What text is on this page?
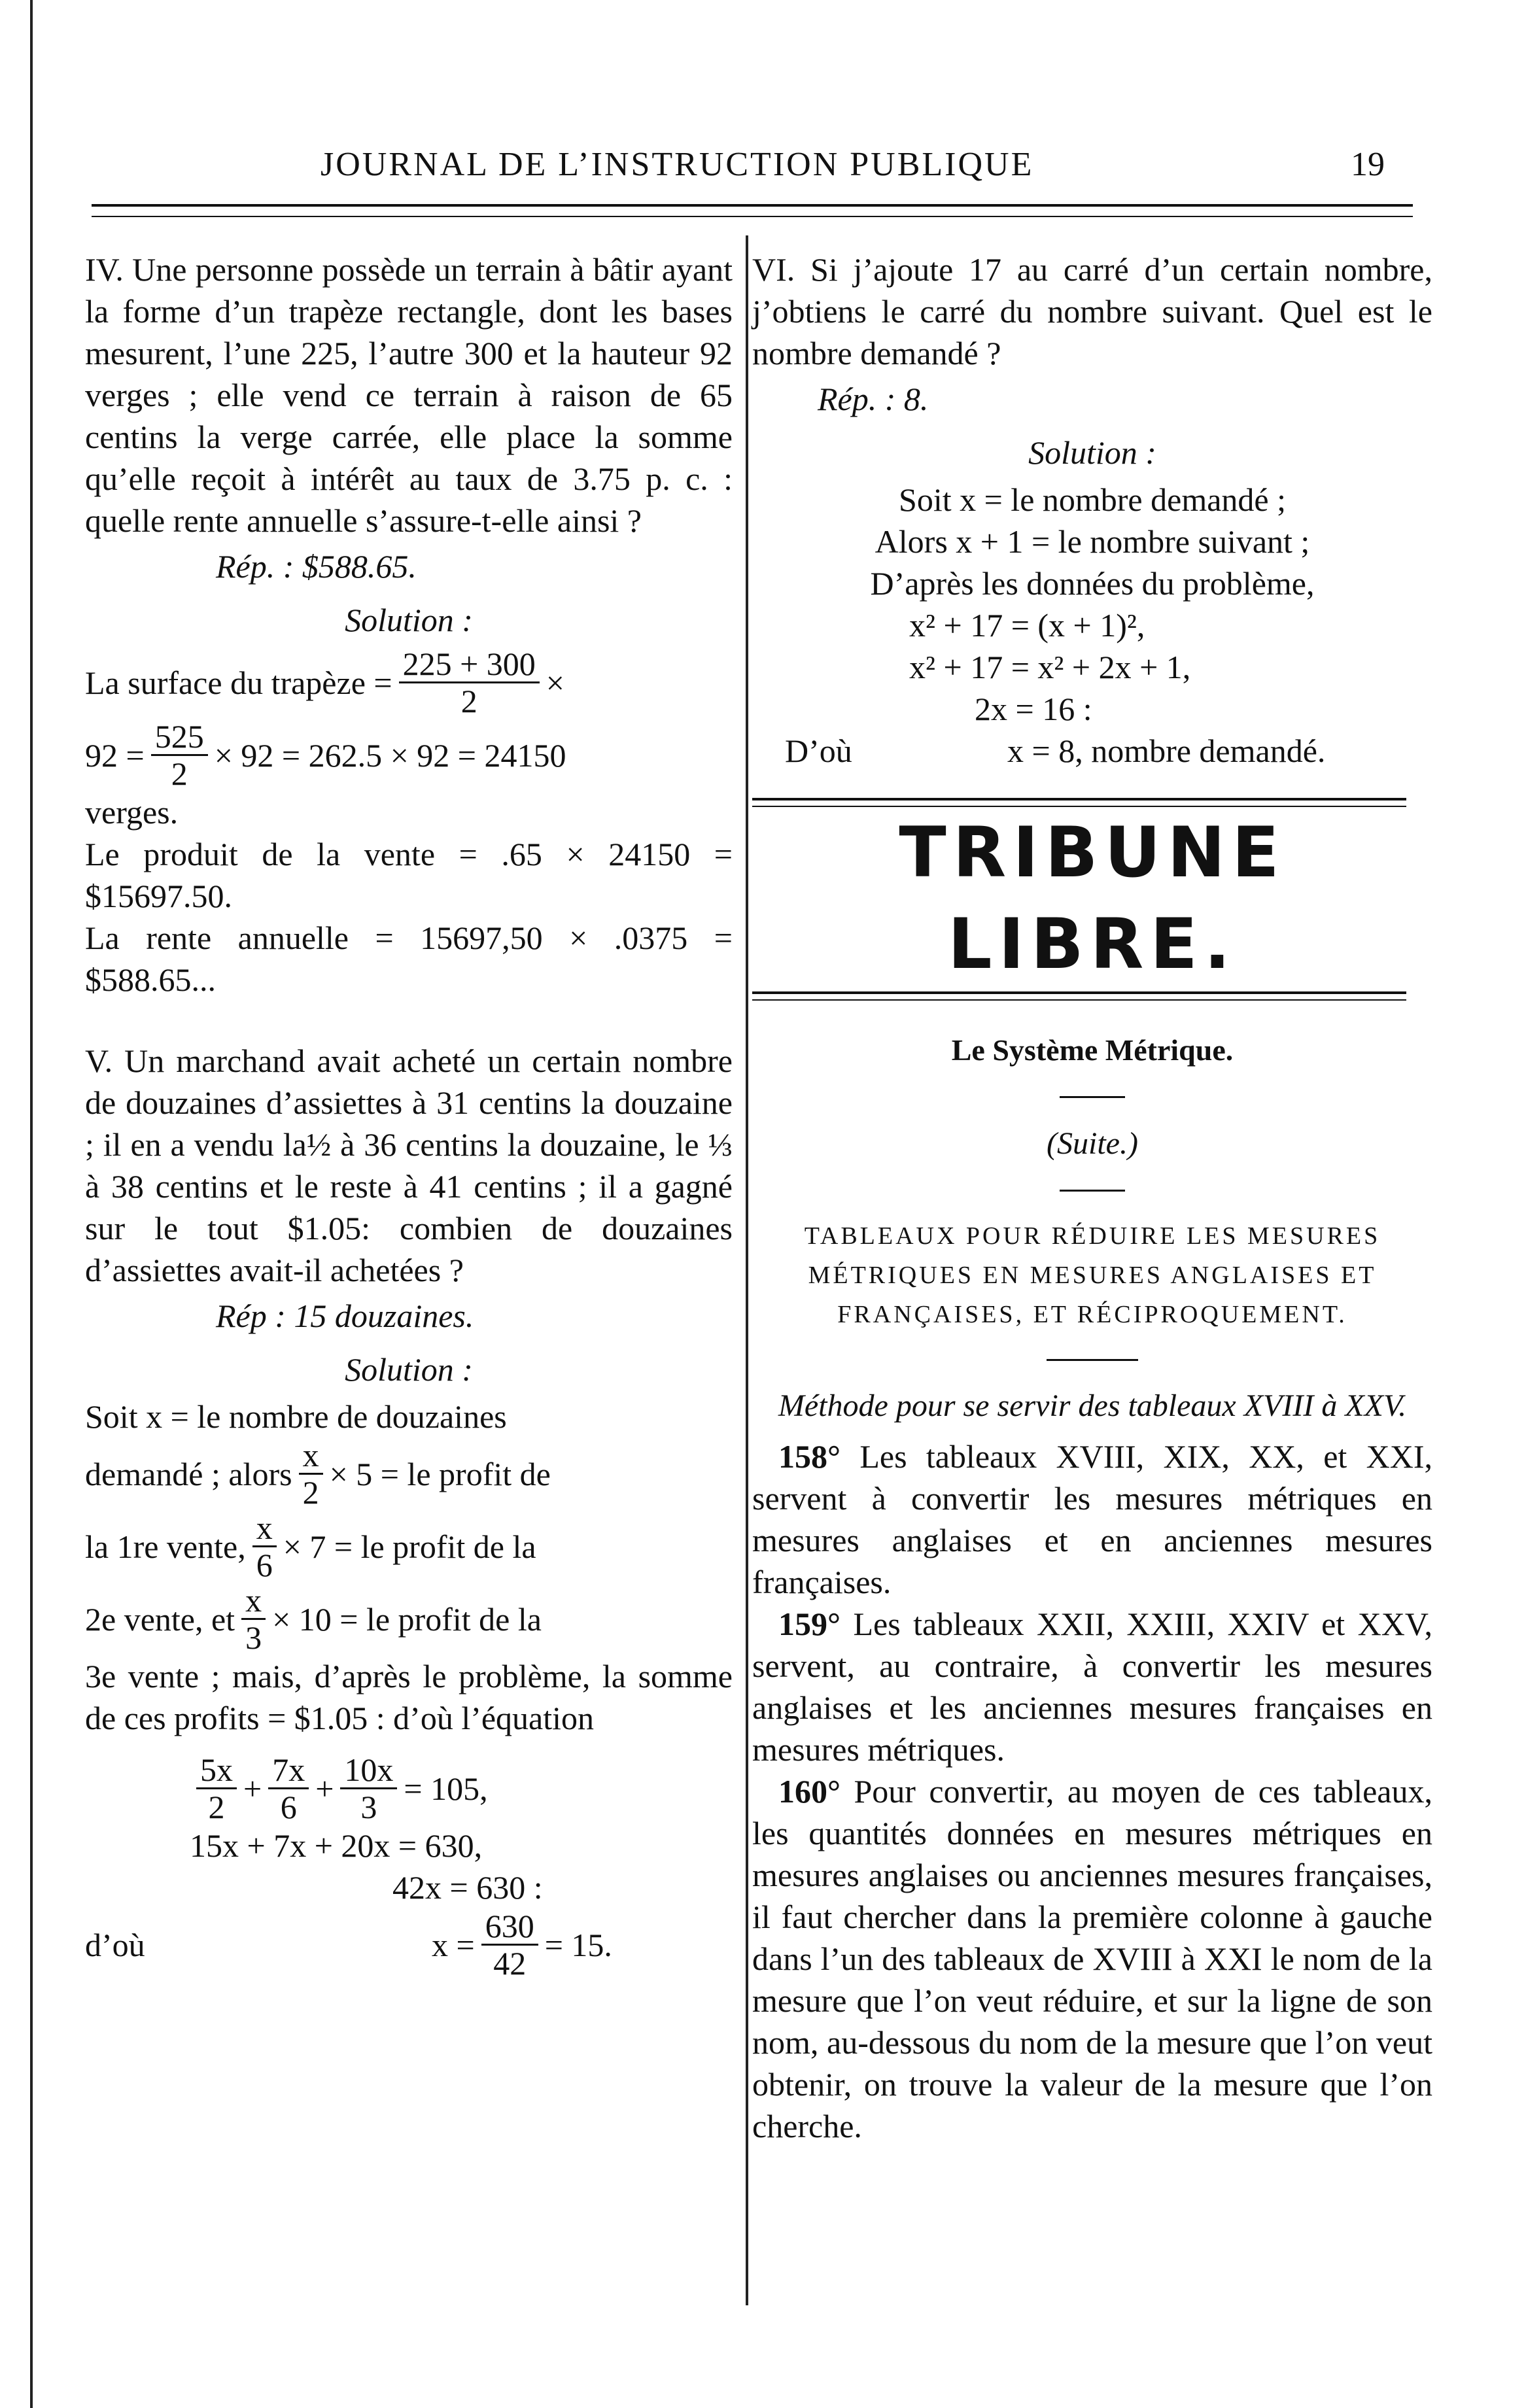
JOURNAL DE L’INSTRUCTION PUBLIQUE	19

IV. Une personne possède un terrain à bâtir ayant la forme d’un trapèze rectangle, dont les bases mesurent, l’une 225, l’autre 300 et la hauteur 92 verges ; elle vend ce terrain à raison de 65 centins la verge carrée, elle place la somme qu’elle reçoit à intérêt au taux de 3.75 p. c. : quelle rente annuelle s’assure-t-elle ainsi ?

Rép. : $588.65.

Solution :

La surface du trapèze = $\frac{225 + 300}{2}$ ×
$92 = \frac{525}{2} \times 92 = 262.5 \times 92 = 24150$

verges.

Le produit de la vente = .65 × 24150 = $15697.50.

La rente annuelle = 15697,50 × .0375 = $588.65...

V. Un marchand avait acheté un certain nombre de douzaines d’assiettes à 31 centins la douzaine ; il en a vendu la½ à 36 centins la douzaine, le ⅓ à 38 centins et le reste à 41 centins ; il a gagné sur le tout $1.05: combien de douzaines d’assiettes avait-il achetées ?

Rép : 15 douzaines.

Solution :

Soit x = le nombre de douzaines

demandé ; alors $\frac{x}{2} \times 5$ = le profit de
la 1re vente, $\frac{x}{6} \times 7$ = le profit de la
2e vente, et $\frac{x}{3} \times 10$ = le profit de la

3e vente ; mais, d’après le problème, la somme de ces profits = $1.05 : d’où l’équation

$\frac{5x}{2} + \frac{7x}{6} + \frac{10x}{3} = 105$,

15x + 7x + 20x = 630,

42x = 630 :

d’où	$x = \frac{630}{42} = 15$.

VI. Si j’ajoute 17 au carré d’un certain nombre, j’obtiens le carré du nombre suivant. Quel est le nombre demandé ?

Rép. : 8.

Solution :

Soit x = le nombre demandé ;

Alors x + 1 = le nombre suivant ;

D’après les données du problème,

x² + 17 = (x + 1)²,

x² + 17 = x² + 2x + 1,

2x = 16 :

D’où	x = 8, nombre demandé.
TRIBUNE LIBRE.

Le Système Métrique.

(Suite.)

TABLEAUX POUR RÉDUIRE LES MESURES MÉTRIQUES EN MESURES ANGLAISES ET FRANÇAISES, ET RÉCIPROQUEMENT.

Méthode pour se servir des tableaux XVIII à XXV.

158° Les tableaux XVIII, XIX, XX, et XXI, servent à convertir les mesures métriques en mesures anglaises et en anciennes mesures françaises.

159° Les tableaux XXII, XXIII, XXIV et XXV, servent, au contraire, à convertir les mesures anglaises et les anciennes mesures françaises en mesures métriques.

160° Pour convertir, au moyen de ces tableaux, les quantités données en mesures métriques en mesures anglaises ou anciennes mesures françaises, il faut chercher dans la première colonne à gauche dans l’un des tableaux de XVIII à XXI le nom de la mesure que l’on veut réduire, et sur la ligne de son nom, au-dessous du nom de la mesure que l’on veut obtenir, on trouve la valeur de la mesure que l’on cherche.
